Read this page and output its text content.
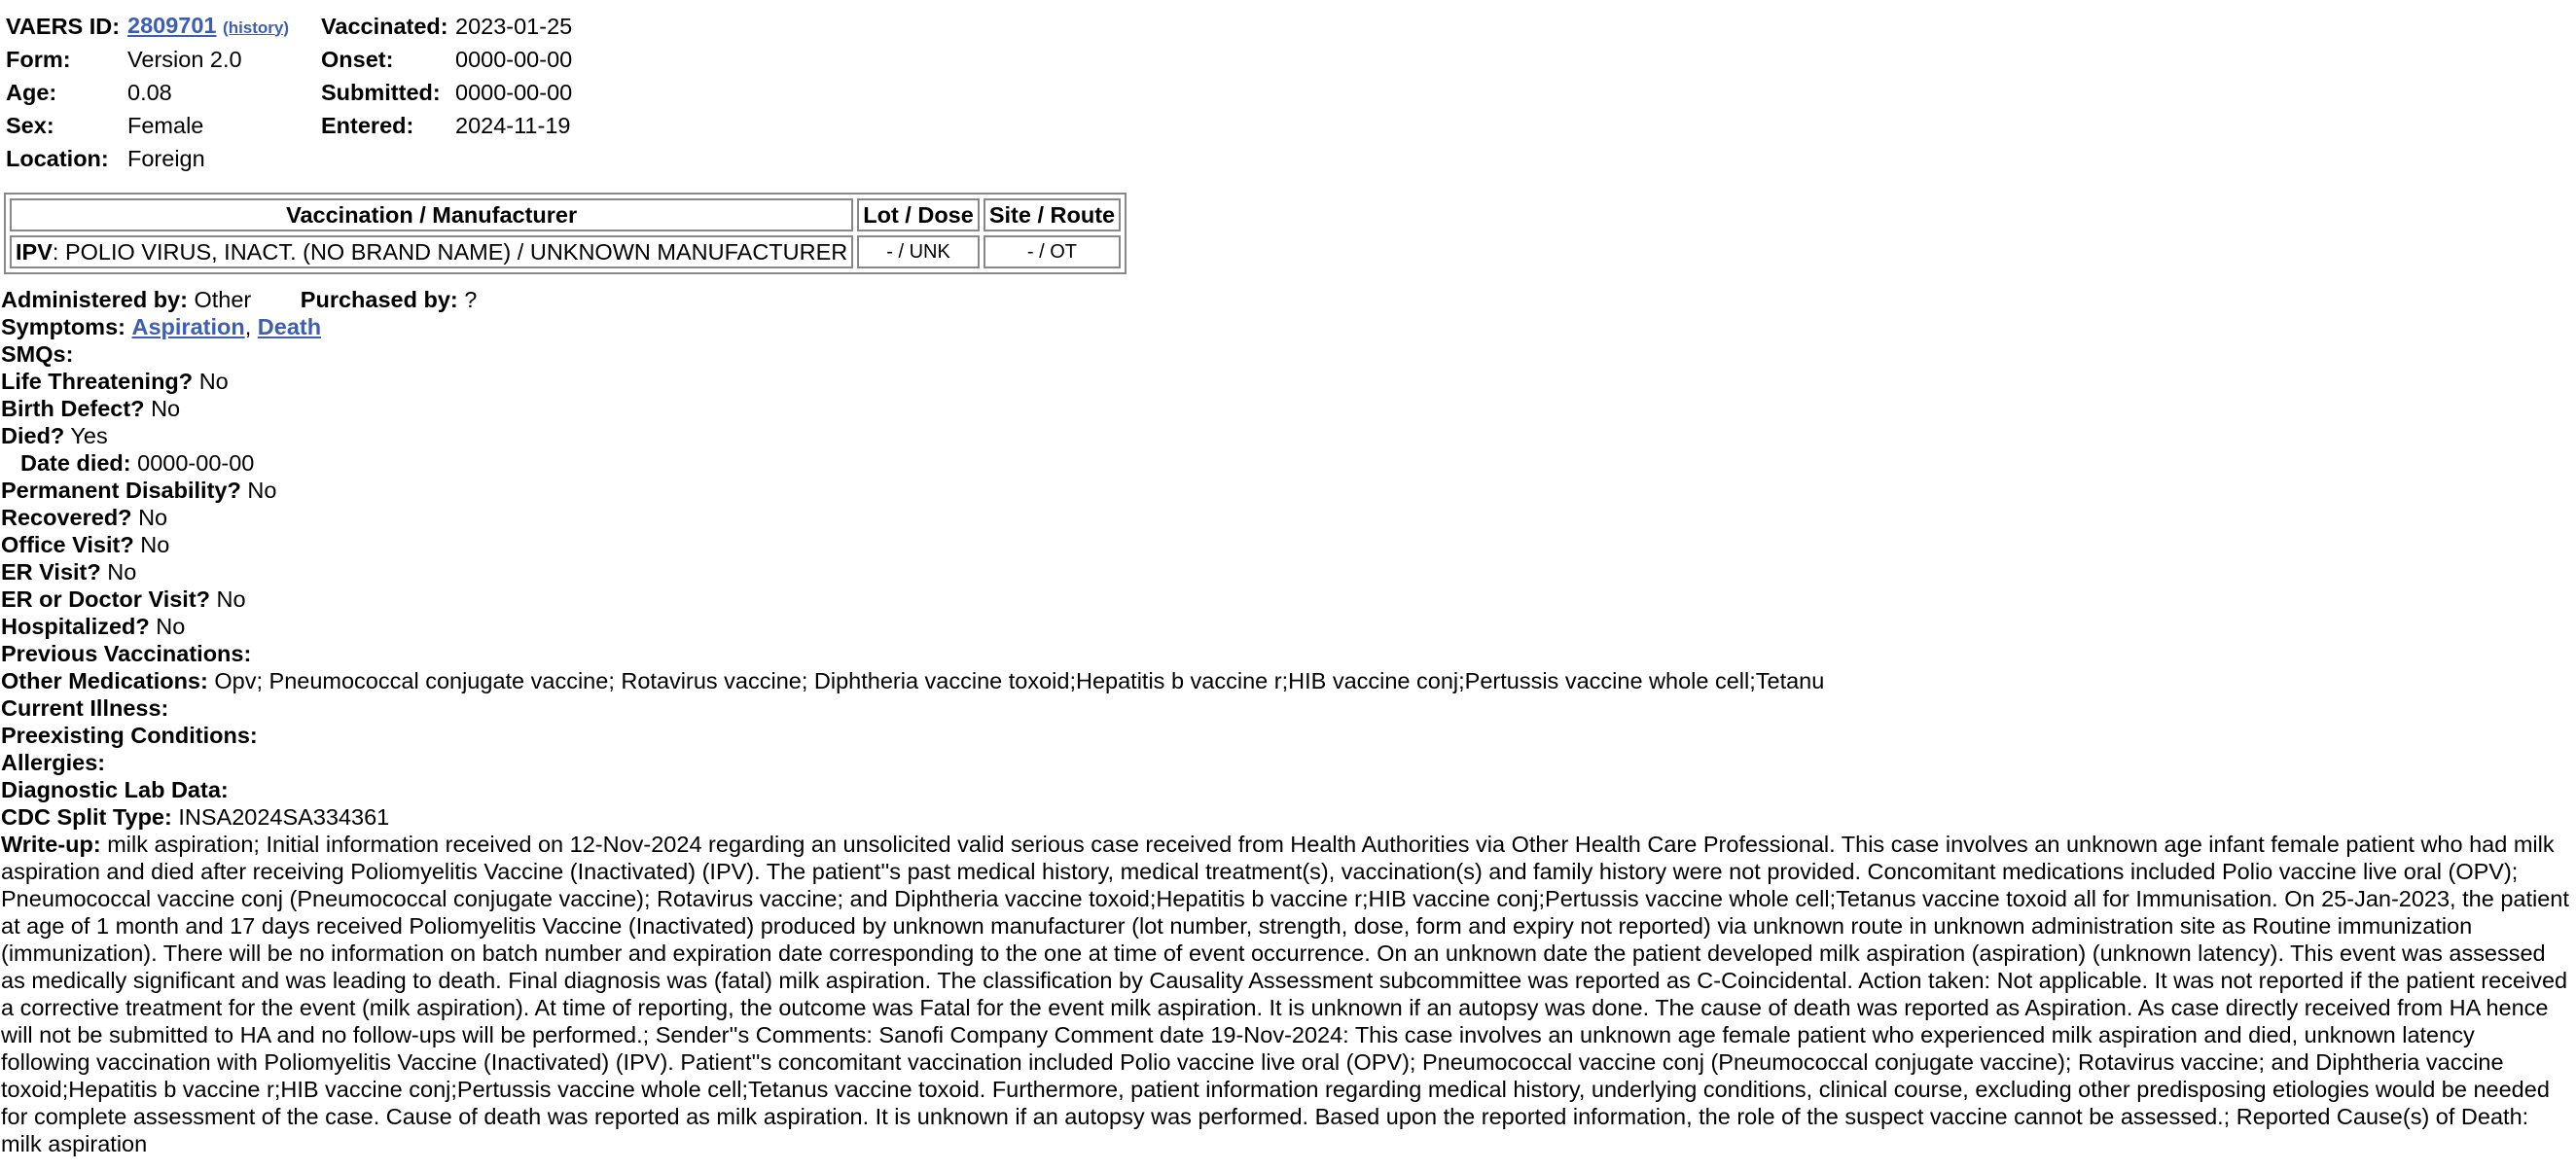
VAERS ID:	2809701 (history)	Vaccinated:	2023-01-25
Form:	Version 2.0	Onset:	0000-00-00
Age:	0.08	Submitted:	0000-00-00
Sex:	Female	Entered:	2024-11-19
Location:	Foreign		
Vaccination / Manufacturer	Lot / Dose	Site / Route
IPV: POLIO VIRUS, INACT. (NO BRAND NAME) / UNKNOWN MANUFACTURER	- / UNK	- / OT
Administered by: Other Purchased by: ?
Symptoms: Aspiration, Death
SMQs:
Life Threatening? No
Birth Defect? No
Died? Yes
Date died: 0000-00-00
Permanent Disability? No
Recovered? No
Office Visit? No
ER Visit? No
ER or Doctor Visit? No
Hospitalized? No
Previous Vaccinations:
Other Medications: Opv; Pneumococcal conjugate vaccine; Rotavirus vaccine; Diphtheria vaccine toxoid;Hepatitis b vaccine r;HIB vaccine conj;Pertussis vaccine whole cell;Tetanu
Current Illness:
Preexisting Conditions:
Allergies:
Diagnostic Lab Data:
CDC Split Type: INSA2024SA334361
Write-up: milk aspiration; Initial information received on 12-Nov-2024 regarding an unsolicited valid serious case received from Health Authorities via Other Health Care Professional. This case involves an unknown age infant female patient who had milk aspiration and died after receiving Poliomyelitis Vaccine (Inactivated) (IPV). The patient''s past medical history, medical treatment(s), vaccination(s) and family history were not provided. Concomitant medications included Polio vaccine live oral (OPV); Pneumococcal vaccine conj (Pneumococcal conjugate vaccine); Rotavirus vaccine; and Diphtheria vaccine toxoid;Hepatitis b vaccine r;HIB vaccine conj;Pertussis vaccine whole cell;Tetanus vaccine toxoid all for Immunisation. On 25-Jan-2023, the patient at age of 1 month and 17 days received Poliomyelitis Vaccine (Inactivated) produced by unknown manufacturer (lot number, strength, dose, form and expiry not reported) via unknown route in unknown administration site as Routine immunization (immunization). There will be no information on batch number and expiration date corresponding to the one at time of event occurrence. On an unknown date the patient developed milk aspiration (aspiration) (unknown latency). This event was assessed as medically significant and was leading to death. Final diagnosis was (fatal) milk aspiration. The classification by Causality Assessment subcommittee was reported as C-Coincidental. Action taken: Not applicable. It was not reported if the patient received a corrective treatment for the event (milk aspiration). At time of reporting, the outcome was Fatal for the event milk aspiration. It is unknown if an autopsy was done. The cause of death was reported as Aspiration. As case directly received from HA hence will not be submitted to HA and no follow-ups will be performed.; Sender''s Comments: Sanofi Company Comment date 19-Nov-2024: This case involves an unknown age female patient who experienced milk aspiration and died, unknown latency following vaccination with Poliomyelitis Vaccine (Inactivated) (IPV). Patient''s concomitant vaccination included Polio vaccine live oral (OPV); Pneumococcal vaccine conj (Pneumococcal conjugate vaccine); Rotavirus vaccine; and Diphtheria vaccine toxoid;Hepatitis b vaccine r;HIB vaccine conj;Pertussis vaccine whole cell;Tetanus vaccine toxoid. Furthermore, patient information regarding medical history, underlying conditions, clinical course, excluding other predisposing etiologies would be needed for complete assessment of the case. Cause of death was reported as milk aspiration. It is unknown if an autopsy was performed. Based upon the reported information, the role of the suspect vaccine cannot be assessed.; Reported Cause(s) of Death: milk aspiration
